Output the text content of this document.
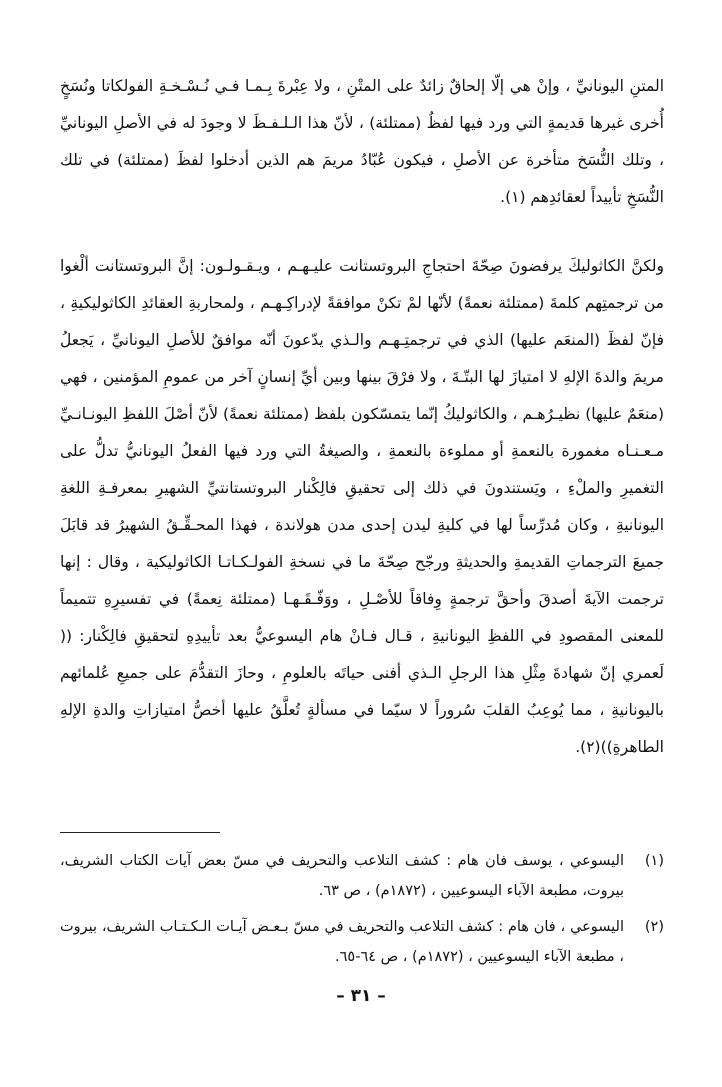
المتنِ اليونانيِّ ، وإنْ هي إلّا إلحاقٌ زائدٌ على المتْنِ ، ولا عِبْرةَ بِـمـا فـي نُـسْـخـةِ الفولكاتا ونُسَخٍ أُخرى غيرها قديمةٍ التي ورد فيها لفظُ (ممتلئة) ، لأنّ هذا الـلـفـظَ لا وجودَ له في الأصلِ اليونانيِّ ، وتلك النُّسَخ متأخرة عن الأصلِ ، فيكون عُبّادُ مريمَ هم الذين أدخلوا لفظَ (ممتلئة) في تلك النُّسَخِ تأييداً لعقائدِهم (١).

ولكنَّ الكاثوليكَ يرفضونَ صِحّةَ احتجاجِ البروتستانت عليـهـم ، ويـقـولـون: إنَّ البروتستانت ألْغوا من ترجمتِهم كلمةَ (ممتلئة نعمةً) لأنّها لمْ تكنْ موافقةً لإدراكِـهـم ، ولمحاربةِ العقائدِ الكاثوليكيةِ ، فإنّ لفظَ (المنعَم عليها) الذي في ترجمتِـهـم والـذي يدّعونَ أنّه موافقٌ للأصلِ اليونانيِّ ، يَجعلُ مريمَ والدةَ الإلهِ لا امتيازَ لها البتّـةَ ، ولا فرْقَ بينها وبين أيِّ إنسانٍ آخر من عمومِ المؤمنين ، فهي (منعَمٌ عليها) نظيـرُهـم ، والكاثوليكُ إنّما يتمسّكون بلفظ (ممتلئة نعمةً) لأنّ أصْلَ اللفظِ اليونـانـيِّ مـعـنـاه مغمورة بالنعمةِ أو مملوءة بالنعمةِ ، والصيغةُ التي ورد فيها الفعلُ اليونانيُّ تدلُّ على التغميرِ والملْءِ ، ويَستندونَ في ذلك إلى تحقيقِ فالِكْنار البروتستانتيِّ الشهيرِ بمعرفـةِ اللغةِ اليونانيةِ ، وكان مُدرِّساً لها في كليةِ ليدن إحدى مدن هولاندة ، فهذا المحـقِّـقُ الشهيرُ قد قابَلَ جميعَ الترجماتِ القديمةِ والحديثةِ ورجّح صِحّةَ ما في نسخةِ الفولـكـاتـا الكاثوليكية ، وقال : إنها ترجمت الآيةَ أصدقَ وأحقَّ ترجمةٍ وِفاقاً للأصْـلِ ، ووَفّـقَـهـا (ممتلئة نِعمةً) في تفسيرِهِ تتميماً للمعنى المقصودِ في اللفظِ اليونانيةِ ، قـال فـانْ هام اليسوعيُّ بعد تأييدِهِ لتحقيقِ فالِكْنار: (( لَعمري إنّ شهادةَ مِثْلِ هذا الرجلِ الـذي أفنى حياتَه بالعلومِ ، وحازَ التقدُّمَ على جميعِ عُلمائهم باليونانيةِ ، مما يُوعِبُ القلبَ سُروراً لا سيّما في مسألةٍ تُعلَّقُ عليها أخصُّ امتيازاتِ والدةِ الإلهِ الطاهرةِ))(٢).

(١)
اليسوعي ، يوسف فان هام : كشف التلاعب والتحريف في مسّ بعض آيات الكتاب الشريف، بيروت، مطبعة الآباء اليسوعيين ، (١٨٧٢م) ، ص ٦٣.
(٢)
اليسوعي ، فان هام : كشف التلاعب والتحريف في مسّ بـعـض آيـات الـكـتـاب الشريف، بيروت ، مطبعة الآباء اليسوعيين ، (١٨٧٢م) ، ص ٦٤-٦٥.
– ٣١ –
